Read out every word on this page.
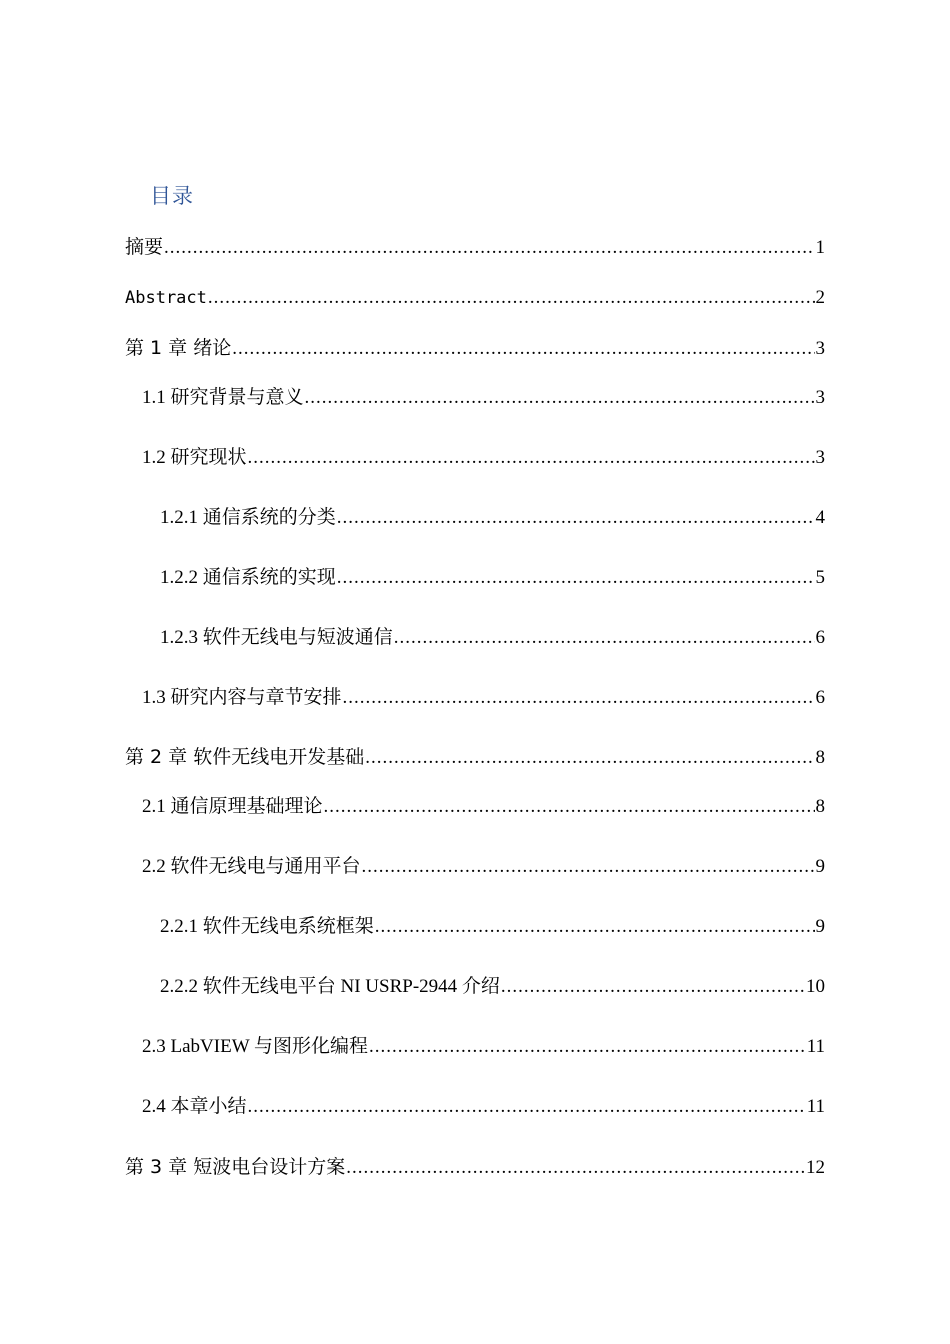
目录
摘要 .....	1
Abstract .....	2
第 1 章 绪论 .....	3
1.1 研究背景与意义 .....	3
1.2 研究现状 .....	3
1.2.1 通信系统的分类 .....	4
1.2.2 通信系统的实现 .....	5
1.2.3 软件无线电与短波通信 .....	6
1.3 研究内容与章节安排 .....	6
第 2 章 软件无线电开发基础 .....	8
2.1 通信原理基础理论 .....	8
2.2 软件无线电与通用平台 .....	9
2.2.1 软件无线电系统框架 .....	9
2.2.2 软件无线电平台 NI USRP-2944 介绍 .....	10
2.3 LabVIEW 与图形化编程 .....	11
2.4 本章小结 .....	11
第 3 章 短波电台设计方案 .....	12
